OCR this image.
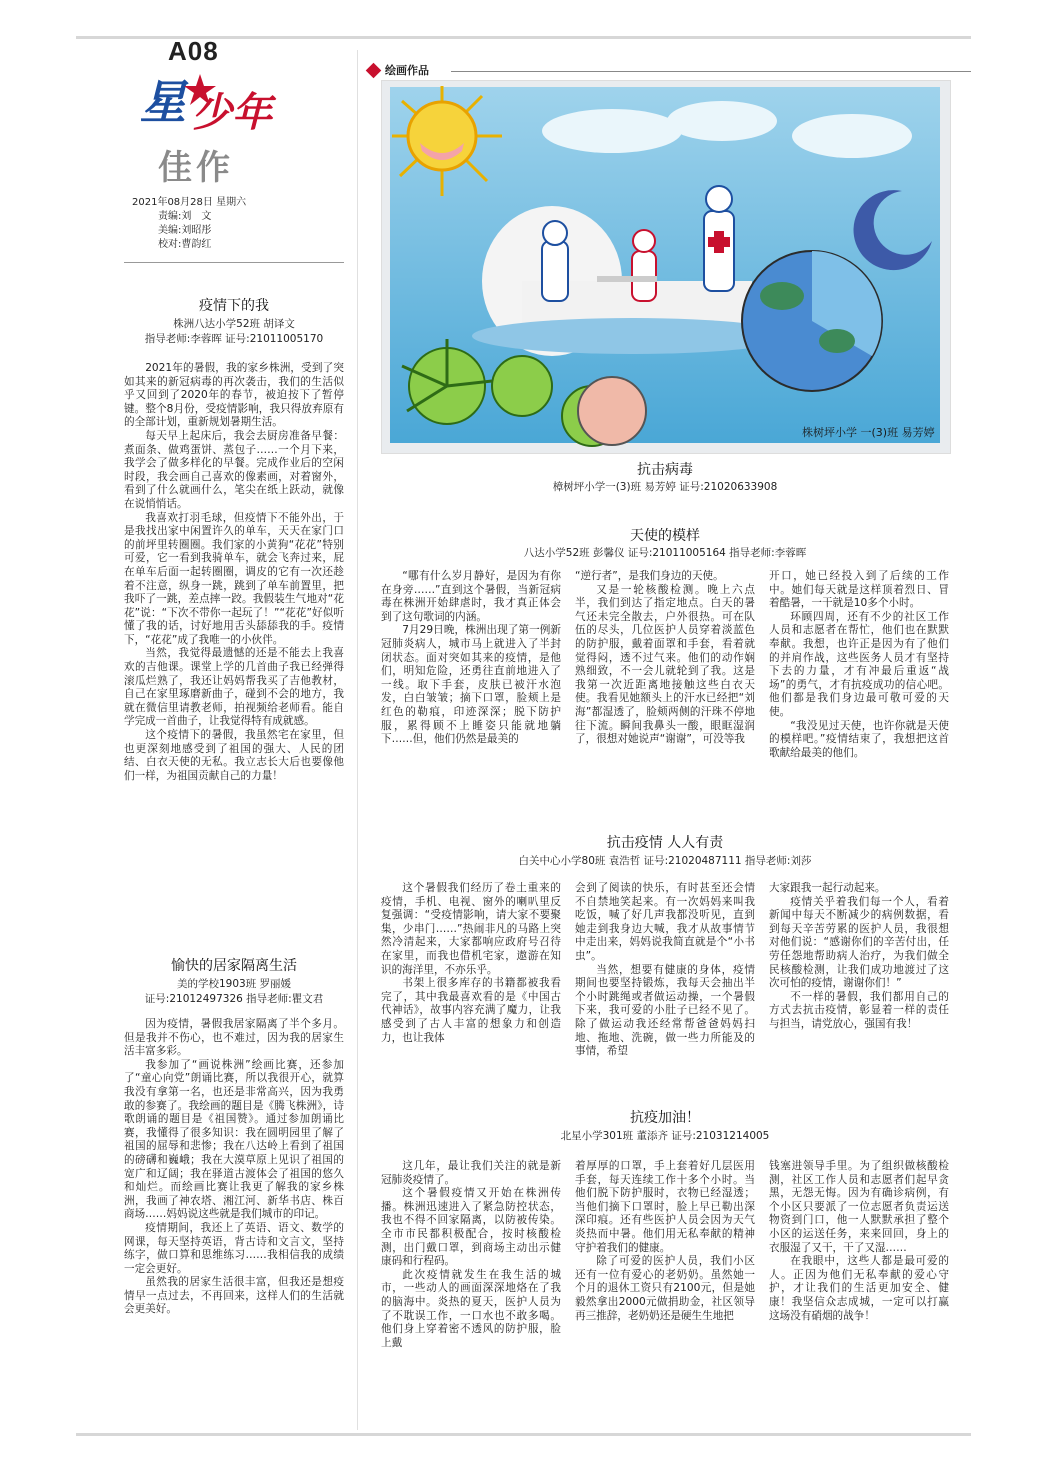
A08
星 少年
佳作
2021年08月28日 星期六
责编:刘　文
美编:刘昭彤
校对:曹韵红
疫情下的我
株洲八达小学52班 胡译文
指导老师:李蓉晖 证号:21011005170

2021年的暑假，我的家乡株洲，受到了突如其来的新冠病毒的再次袭击，我们的生活似乎又回到了2020年的春节，被迫按下了暂停键。整个8月份，受疫情影响，我只得放弃原有的全部计划，重新规划暑期生活。

每天早上起床后，我会去厨房准备早餐：煮面条、做鸡蛋饼、蒸包子……一个月下来，我学会了做多样化的早餐。完成作业后的空闲时段，我会画自己喜欢的像素画，对着窗外，看到了什么就画什么，笔尖在纸上跃动，就像在说悄悄话。

我喜欢打羽毛球，但疫情下不能外出，于是我找出家中闲置许久的单车，天天在家门口的前坪里转圈圈。我们家的小黄狗“花花”特别可爱，它一看到我骑单车，就会飞奔过来，屁在单车后面一起转圈圈，调皮的它有一次还趁着不注意，纵身一跳，跳到了单车前置里，把我吓了一跳，差点摔一跤。我假装生气地对“花花”说：“下次不带你一起玩了！”“花花”好似听懂了我的话，讨好地用舌头舔舔我的手。疫情下，“花花”成了我唯一的小伙伴。

当然，我觉得最遗憾的还是不能去上我喜欢的吉他课。课堂上学的几首曲子我已经弹得滚瓜烂熟了，我还让妈妈帮我买了吉他教材，自己在家里琢磨新曲子，碰到不会的地方，我就在微信里请教老师，拍视频给老师看。能自学完成一首曲子，让我觉得特有成就感。

这个疫情下的暑假，我虽然宅在家里，但也更深刻地感受到了祖国的强大、人民的团结、白衣天使的无私。我立志长大后也要像他们一样，为祖国贡献自己的力量！

愉快的居家隔离生活
美的学校1903班 罗丽媛
证号:21012497326 指导老师:瞿文君

因为疫情，暑假我居家隔离了半个多月。但是我并不伤心，也不难过，因为我的居家生活丰富多彩。

我参加了“画说株洲”绘画比赛，还参加了“童心向党”朗诵比赛，所以我很开心，就算我没有拿第一名，也还是非常高兴，因为我勇敢的参赛了。我绘画的题目是《腾飞株洲》，诗歌朗诵的题目是《祖国赞》。通过参加朗诵比赛，我懂得了很多知识：我在圆明园里了解了祖国的屈辱和悲惨；我在八达岭上看到了祖国的磅礴和巍峨；我在大漠草原上见识了祖国的宽广和辽阔；我在驿道古渡体会了祖国的悠久和灿烂。而绘画比赛让我更了解我的家乡株洲，我画了神农塔、湘江河、新华书店、株百商场……妈妈说这些就是我们城市的印记。

疫情期间，我还上了英语、语文、数学的网课，每天坚持英语，背古诗和文言文，坚持练字，做口算和思维练习……我相信我的成绩一定会更好。

虽然我的居家生活很丰富，但我还是想疫情早一点过去，不再回来，这样人们的生活就会更美好。

绘画作品
株树坪小学 一(3)班 易芳婷
抗击病毒
樟树坪小学一(3)班 易芳婷 证号:21020633908
天使的模样
八达小学52班 彭馨仪 证号:21011005164 指导老师:李蓉晖

“哪有什么岁月静好，是因为有你在身旁……”直到这个暑假，当新冠病毒在株洲开始肆虐时，我才真正体会到了这句歌词的内涵。

7月29日晚，株洲出现了第一例新冠肺炎病人，城市马上就进入了半封闭状态。面对突如其来的疫情，是他们，明知危险，还勇往直前地进入了一线。取下手套，皮肤已被汗水泡发，白白皱皱；摘下口罩，脸颊上是红色的勒痕，印迹深深；脱下防护服，累得顾不上睡姿只能就地躺下……但，他们仍然是最美的

“逆行者”，是我们身边的天使。

又是一轮核酸检测。晚上六点半，我们到达了指定地点。白天的暑气还未完全散去，户外很热。可在队伍的尽头，几位医护人员穿着淡蓝色的防护服，戴着面罩和手套，看着就觉得闷，透不过气来。他们的动作娴熟细致，不一会儿就轮到了我。这是我第一次近距离地接触这些白衣天使。我看见她额头上的汗水已经把“刘海”都湿透了，脸颊两侧的汗珠不停地往下流。瞬间我鼻头一酸，眼眶湿润了，很想对她说声“谢谢”，可没等我

开口，她已经投入到了后续的工作中。她们每天就是这样顶着烈日、冒着酷暑，一干就是10多个小时。

环顾四周，还有不少的社区工作人员和志愿者在帮忙，他们也在默默奉献。我想，也许正是因为有了他们的并肩作战，这些医务人员才有坚持下去的力量，才有冲最后重返“战场”的勇气，才有抗疫成功的信心吧。他们都是我们身边最可敬可爱的天使。

“我没见过天使，也许你就是天使的模样吧。”疫情结束了，我想把这首歌献给最美的他们。

抗击疫情 人人有责
白关中心小学80班 袁浩哲 证号:21020487111 指导老师:刘莎

这个暑假我们经历了卷土重来的疫情，手机、电视、窗外的喇叭里反复强调：“受疫情影响，请大家不要聚集，少串门……”热闹非凡的马路上突然冷清起来，大家都响应政府号召待在家里，而我也借机宅家，遨游在知识的海洋里，不亦乐乎。

书架上很多库存的书籍都被我看完了，其中我最喜欢看的是《中国古代神话》，故事内容充满了魔力，让我感受到了古人丰富的想象力和创造力，也让我体

会到了阅读的快乐，有时甚至还会情不自禁地笑起来。有一次妈妈来叫我吃饭，喊了好几声我都没听见，直到她走到我身边大喊，我才从故事情节中走出来，妈妈说我简直就是个“小书虫”。

当然，想要有健康的身体，疫情期间也要坚持锻炼，我每天会抽出半个小时跳绳或者做运动操，一个暑假下来，我可爱的小肚子已经不见了。除了做运动我还经常帮爸爸妈妈扫地、拖地、洗碗，做一些力所能及的事情，希望

大家跟我一起行动起来。

疫情关乎着我们每一个人，看着新闻中每天不断减少的病例数据，看到每天辛苦劳累的医护人员，我很想对他们说：“感谢你们的辛苦付出，任劳任怨地帮助病人治疗，为我们做全民核酸检测，让我们成功地渡过了这次可怕的疫情，谢谢你们！”

不一样的暑假，我们都用自己的方式去抗击疫情，彰显着一样的责任与担当，请党放心，强国有我！

抗疫加油！
北星小学301班 董添齐 证号:21031214005

这几年，最让我们关注的就是新冠肺炎疫情了。

这个暑假疫情又开始在株洲传播。株洲迅速进入了紧急防控状态，我也不得不回家隔离，以防被传染。全市市民都积极配合，按时核酸检测，出门戴口罩，到商场主动出示健康码和行程码。

此次疫情就发生在我生活的城市，一些动人的画面深深地烙在了我的脑海中。炎热的夏天，医护人员为了不耽误工作，一口水也不敢多喝。他们身上穿着密不透风的防护服，脸上戴

着厚厚的口罩，手上套着好几层医用手套，每天连续工作十多个小时。当他们脱下防护服时，衣物已经湿透；当他们摘下口罩时，脸上早已勒出深深印痕。还有些医护人员会因为天气炎热而中暑。他们用无私奉献的精神守护着我们的健康。

除了可爱的医护人员，我们小区还有一位有爱心的老奶奶。虽然她一个月的退休工资只有2100元，但是她毅然拿出2000元做捐助金，社区领导再三推辞，老奶奶还是硬生生地把

钱塞进领导手里。为了组织做核酸检测，社区工作人员和志愿者们起早贪黑，无怨无悔。因为有确诊病例，有个小区只要派了一位志愿者负责运送物资到门口，他一人默默承担了整个小区的运送任务，来来回回，身上的衣服湿了又干，干了又湿……

在我眼中，这些人都是最可爱的人。正因为他们无私奉献的爱心守护，才让我们的生活更加安全、健康！我坚信众志成城，一定可以打赢这场没有硝烟的战争！
